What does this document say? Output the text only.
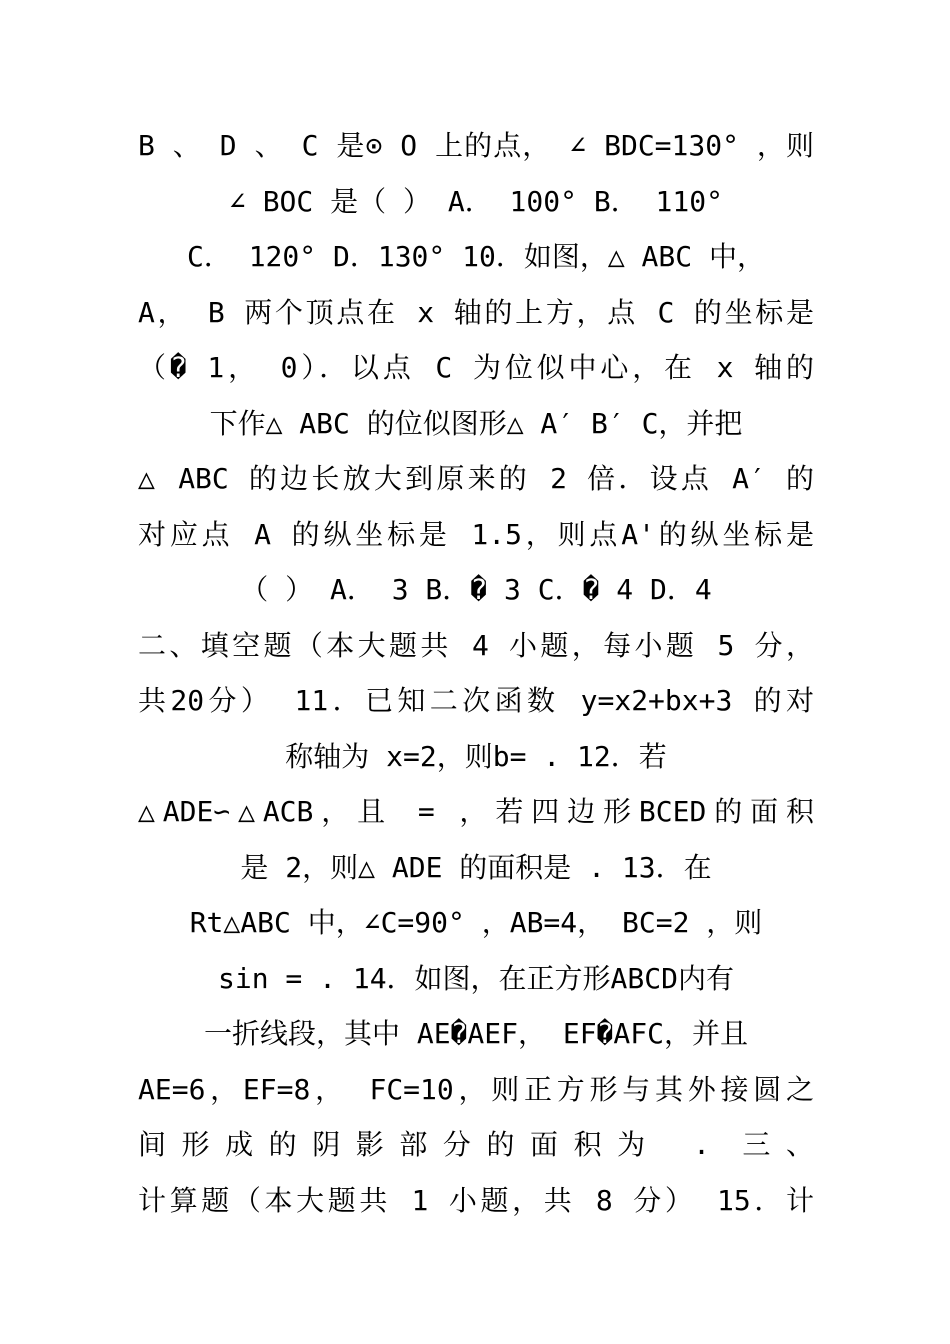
B 、 D 、 C 是⊙ O 上的点， ∠ BDC=130° ，则
∠ BOC 是（ ） A． 100° B． 110°
C． 120° D．130° 10．如图，△ ABC 中，
A， B 两个顶点在 x 轴的上方，点 C 的坐标是
（� 1， 0）．以点 C 为位似中心，在 x 轴的
下作△ ABC 的位似图形△ A′ B′ C，并把
△ ABC 的边长放大到原来的 2 倍．设点 A′ 的
对应点 A 的纵坐标是 1.5，则点A'的纵坐标是
（ ） A． 3 B．� 3 C．� 4 D．4
二、填空题（本大题共 4 小题，每小题 5 分，
共20分） 11．已知二次函数 y=x2+bx+3 的对
称轴为 x=2，则b= . 12．若
△ADE∽△ACB，且 = ，若四边形BCED的面积
是 2，则△ ADE 的面积是 . 13．在
Rt△ABC 中，∠C=90° ，AB=4， BC=2 ，则
sin = . 14．如图，在正方形ABCD内有
一折线段，其中 AE�AEF， EF�AFC，并且
AE=6，EF=8， FC=10，则正方形与其外接圆之
间形成的阴影部分的面积为 . 三、
计算题（本大题共 1 小题，共 8 分） 15．计
